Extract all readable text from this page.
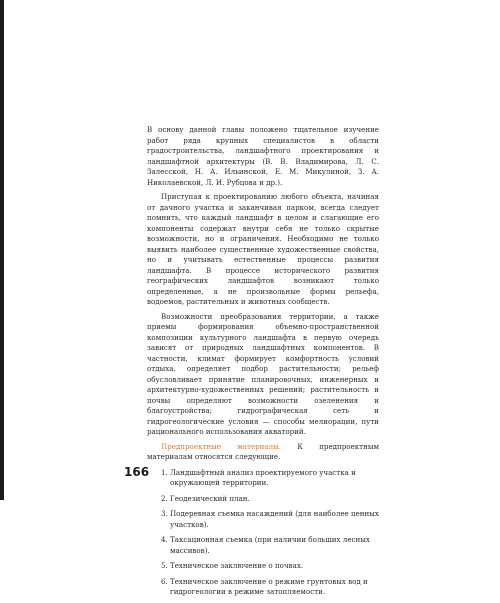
В основу данной главы положено тщательное изучение работ ряда крупных специалистов в области градостроительства, ландшафтного проектирования и ландшафтной архитектуры (В. В. Владимирова, Л. С. Залесской, Н. А. Ильинской, Е. М. Микулиной, З. А. Николаевской, Л. И. Рубцова и др.).

Приступая к проектированию любого объекта, начиная от дачного участка и заканчивая парком, всегда следует помнить, что каждый ландшафт в целом и слагающие его компоненты содержат внутри себя не только скрытые возможности, но и ограничения. Необходимо не только выявить наиболее существенные художественные свойства, но и учитывать естественные процессы развития ландшафта. В процессе исторического развития географических ландшафтов возникают только определенные, а не произвольные формы рельефа, водоемов, растительных и животных сообществ.

Возможности преобразования территории, а также приемы формирования объемно-пространственной композиции культурного ландшафта в первую очередь зависят от природных ландшафтных компонентов. В частности, климат формирует комфортность условий отдыха, определяет подбор растительности; рельеф обусловливает принятие планировочных, инженерных и архитектурно-художественных решений; растительность и почвы определяют возможности озеленения и благоустройства; гидрографическая сеть и гидрогеологические условия — способы мелиорации, пути рационального использования акваторий.

Предпроектные материалы. К предпроектным материалам относятся следующие.

1. Ландшафтный анализ проектируемого участка и окружающей территории.
2. Геодезический план.
3. Подеревная съемка насаждений (для наиболее ценных участков).
4. Таксационная съемка (при наличии больших лесных массивов).
5. Техническое заключение о почвах.
6. Техническое заключение о режиме грунтовых вод и гидрогеологии в режиме затопляемости.
166
